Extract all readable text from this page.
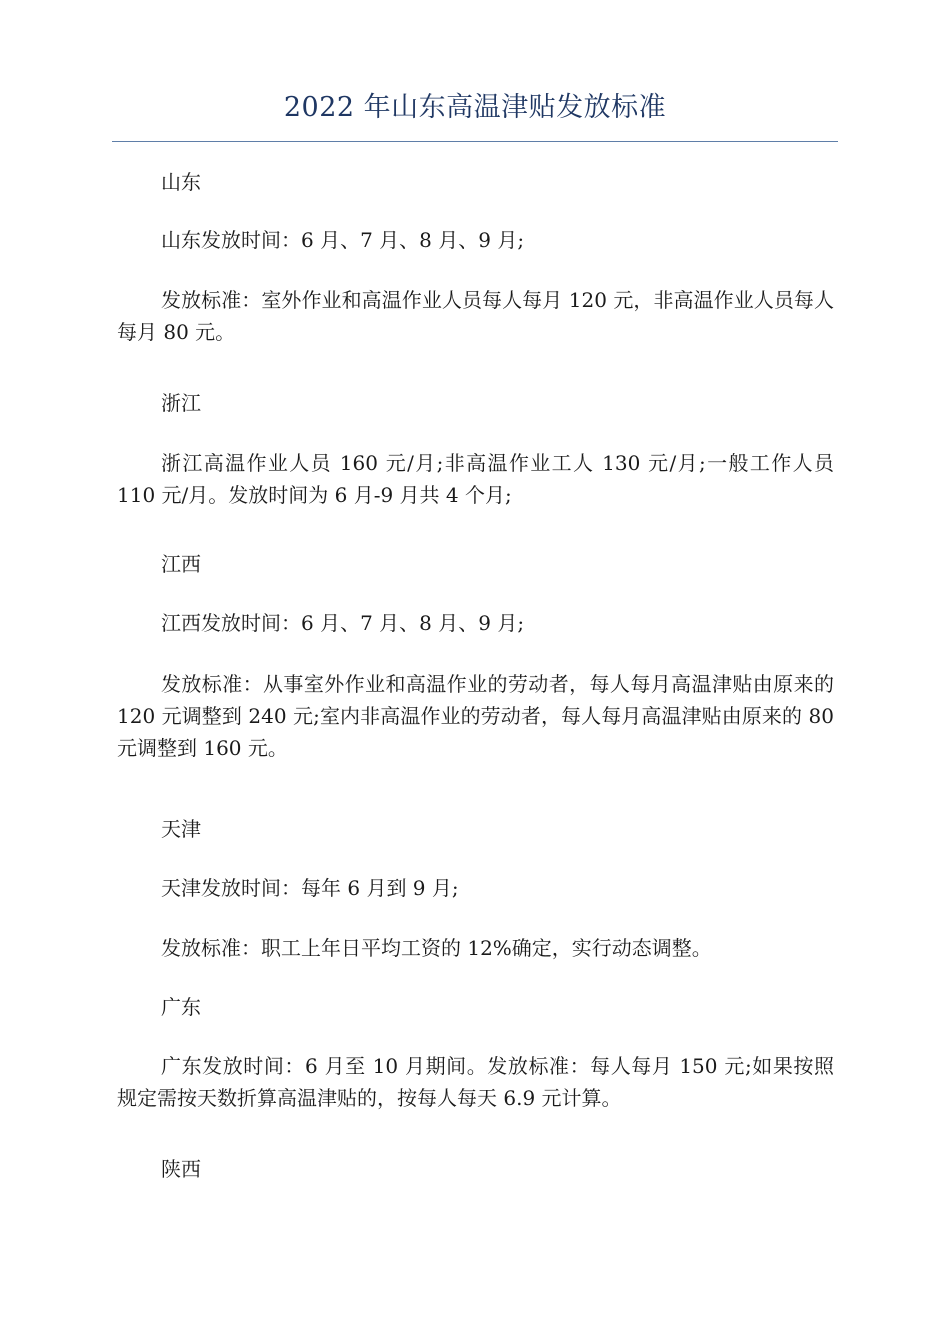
2022 年山东高温津贴发放标准

山东

山东发放时间：6 月、7 月、8 月、9 月;

发放标准：室外作业和高温作业人员每人每月 120 元，非高温作业人员每人每月 80 元。

浙江

浙江高温作业人员 160 元/月;非高温作业工人 130 元/月;一般工作人员 110 元/月。发放时间为 6 月-9 月共 4 个月;

江西

江西发放时间：6 月、7 月、8 月、9 月;

发放标准：从事室外作业和高温作业的劳动者，每人每月高温津贴由原来的 120 元调整到 240 元;室内非高温作业的劳动者，每人每月高温津贴由原来的 80 元调整到 160 元。

天津

天津发放时间：每年 6 月到 9 月;

发放标准：职工上年日平均工资的 12%确定，实行动态调整。

广东

广东发放时间：6 月至 10 月期间。发放标准：每人每月 150 元;如果按照规定需按天数折算高温津贴的，按每人每天 6.9 元计算。

陕西
